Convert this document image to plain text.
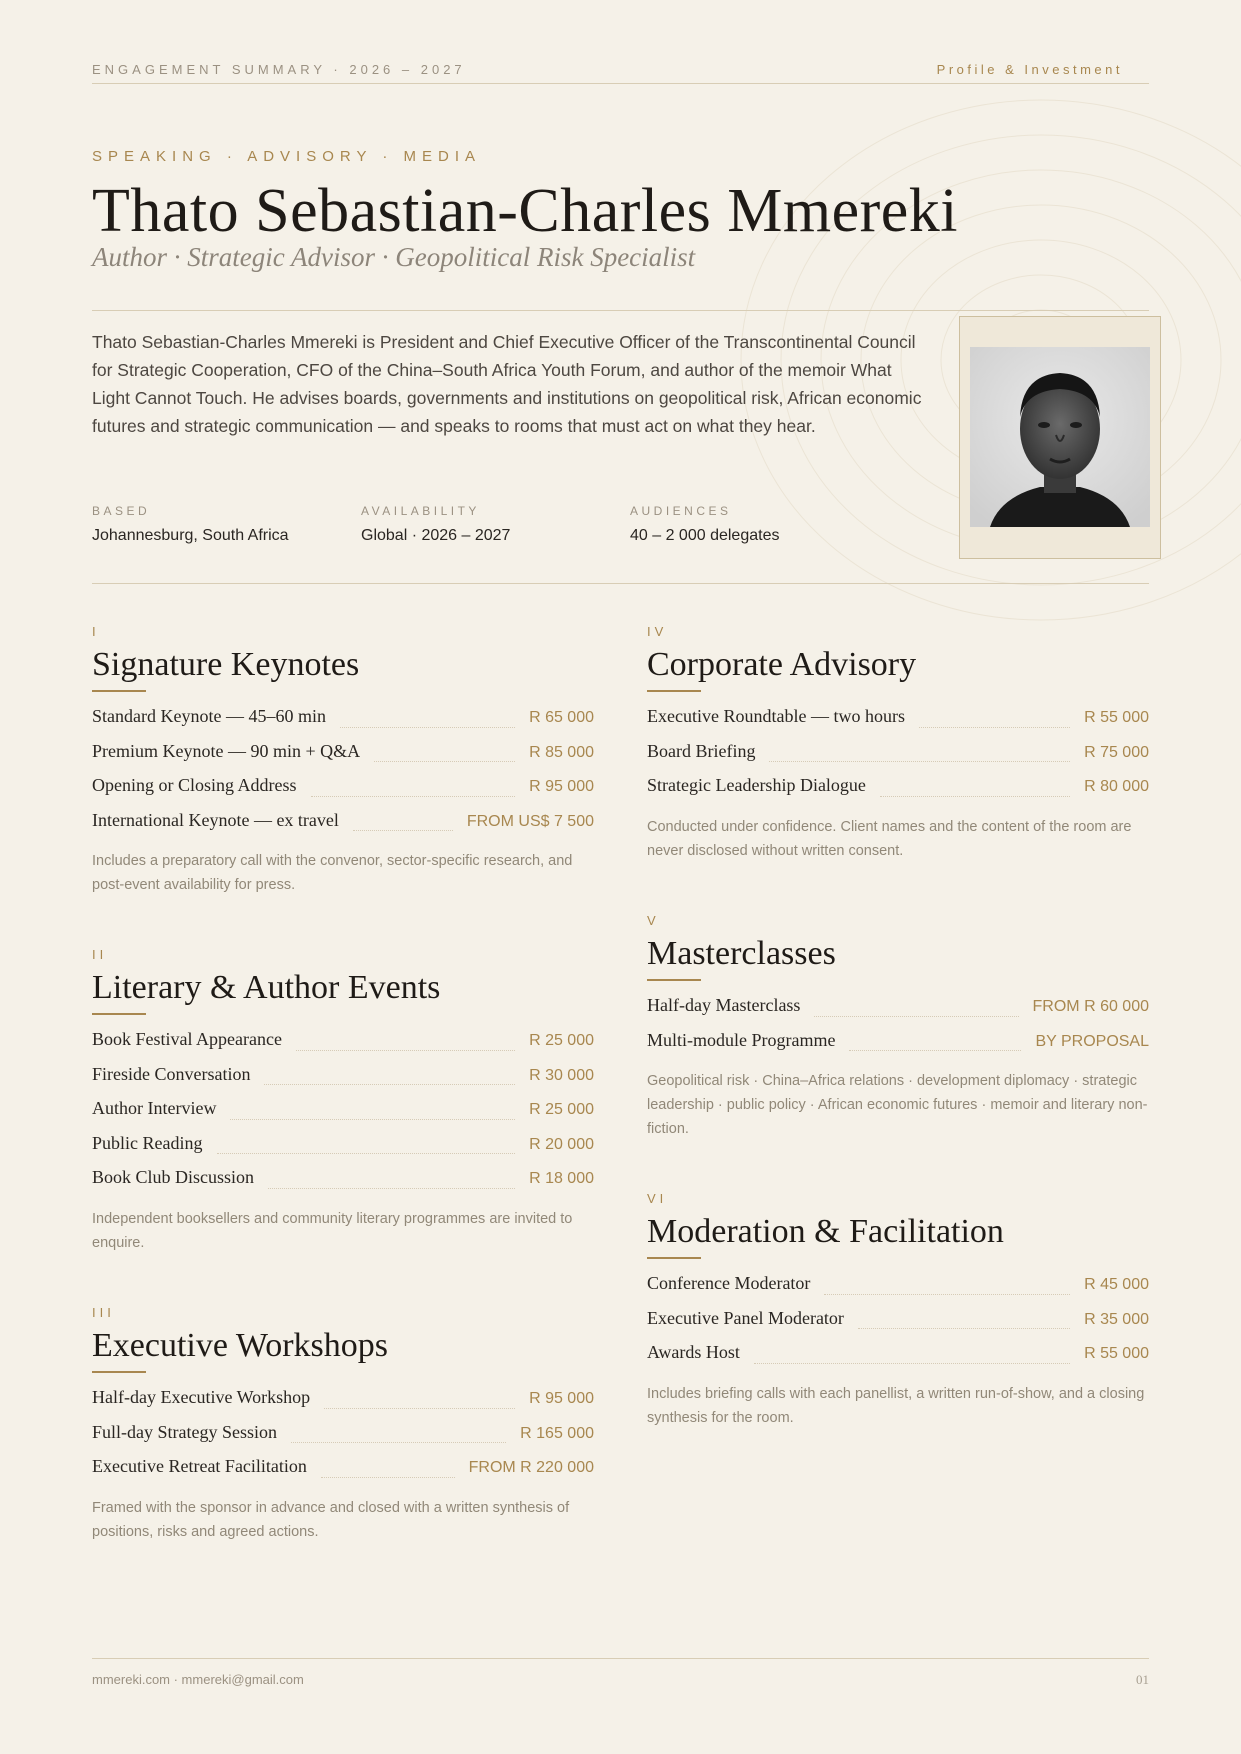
ENGAGEMENT SUMMARY · 2026 – 2027	Profile & Investment
SPEAKING · ADVISORY · MEDIA
Thato Sebastian-Charles Mmereki
Author · Strategic Advisor · Geopolitical Risk Specialist
Thato Sebastian-Charles Mmereki is President and Chief Executive Officer of the Transcontinental Council for Strategic Cooperation, CFO of the China–South Africa Youth Forum, and author of the memoir What Light Cannot Touch. He advises boards, governments and institutions on geopolitical risk, African economic futures and strategic communication — and speaks to rooms that must act on what they hear.
BASED
Johannesburg, South Africa
AVAILABILITY
Global · 2026 – 2027
AUDIENCES
40 – 2 000 delegates
I
Signature Keynotes
Standard Keynote — 45–60 min	R 65 000
Premium Keynote — 90 min + Q&A	R 85 000
Opening or Closing Address	R 95 000
International Keynote — ex travel	FROM US$ 7 500
Includes a preparatory call with the convenor, sector-specific research, and post-event availability for press.
II
Literary & Author Events
Book Festival Appearance	R 25 000
Fireside Conversation	R 30 000
Author Interview	R 25 000
Public Reading	R 20 000
Book Club Discussion	R 18 000
Independent booksellers and community literary programmes are invited to enquire.
III
Executive Workshops
Half-day Executive Workshop	R 95 000
Full-day Strategy Session	R 165 000
Executive Retreat Facilitation	FROM R 220 000
Framed with the sponsor in advance and closed with a written synthesis of positions, risks and agreed actions.
IV
Corporate Advisory
Executive Roundtable — two hours	R 55 000
Board Briefing	R 75 000
Strategic Leadership Dialogue	R 80 000
Conducted under confidence. Client names and the content of the room are never disclosed without written consent.
V
Masterclasses
Half-day Masterclass	FROM R 60 000
Multi-module Programme	BY PROPOSAL
Geopolitical risk · China–Africa relations · development diplomacy · strategic leadership · public policy · African economic futures · memoir and literary non-fiction.
VI
Moderation & Facilitation
Conference Moderator	R 45 000
Executive Panel Moderator	R 35 000
Awards Host	R 55 000
Includes briefing calls with each panellist, a written run-of-show, and a closing synthesis for the room.
mmereki.com · mmereki@gmail.com	01
